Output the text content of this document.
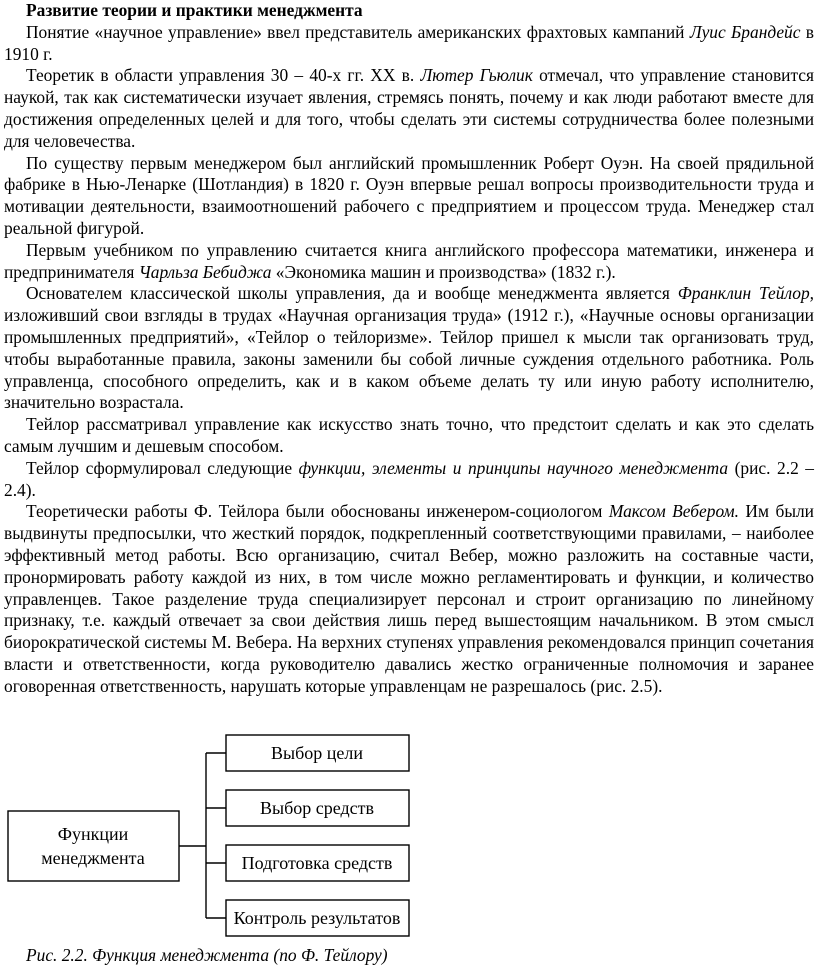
Развитие теории и практики менеджмента

Понятие «научное управление» ввел представитель американских фрахтовых кампаний Луис Брандейс в 1910 г.

Теоретик в области управления 30 – 40-х гг. XX в. Лютер Гьюлик отмечал, что управление становится наукой, так как систематически изучает явления, стремясь понять, почему и как люди работают вместе для достижения определенных целей и для того, чтобы сделать эти системы сотрудничества более полезными для человечества.

По существу первым менеджером был английский промышленник Роберт Оуэн. На своей прядильной фабрике в Нью-Ленарке (Шотландия) в 1820 г. Оуэн впервые решал вопросы производительности труда и мотивации деятельности, взаимоотношений рабочего с предприятием и процессом труда. Менеджер стал реальной фигурой.

Первым учебником по управлению считается книга английского профессора математики, инженера и предпринимателя Чарльза Бебиджа «Экономика машин и производства» (1832 г.).

Основателем классической школы управления, да и вообще менеджмента является Франклин Тейлор, изложивший свои взгляды в трудах «Научная организация труда» (1912 г.), «Научные основы организации промышленных предприятий», «Тейлор о тейлоризме». Тейлор пришел к мысли так организовать труд, чтобы выработанные правила, законы заменили бы собой личные суждения отдельного работника. Роль управленца, способного определить, как и в каком объеме делать ту или иную работу исполнителю, значительно возрастала.

Тейлор рассматривал управление как искусство знать точно, что предстоит сделать и как это сделать самым лучшим и дешевым способом.

Тейлор сформулировал следующие функции, элементы и принципы научного менеджмента (рис. 2.2 – 2.4).

Теоретически работы Ф. Тейлора были обоснованы инженером-социологом Максом Вебером. Им были выдвинуты предпосылки, что жесткий порядок, подкрепленный соответствующими правилами, – наиболее эффективный метод работы. Всю организацию, считал Вебер, можно разложить на составные части, пронормировать работу каждой из них, в том числе можно регламентировать и функции, и количество управленцев. Такое разделение труда специализирует персонал и строит организацию по линейному признаку, т.е. каждый отвечает за свои действия лишь перед вышестоящим начальником. В этом смысл биорократической системы М. Вебера. На верхних ступенях управления рекомендовался принцип сочетания власти и ответственности, когда руководителю давались жестко ограниченные полномочия и заранее оговоренная ответственность, нарушать которые управленцам не разрешалось (рис. 2.5).

Функции
менеджмента
Выбор цели
Выбор средств
Подготовка средств
Контроль результатов
Рис. 2.2. Функция менеджмента (по Ф. Тейлору)
